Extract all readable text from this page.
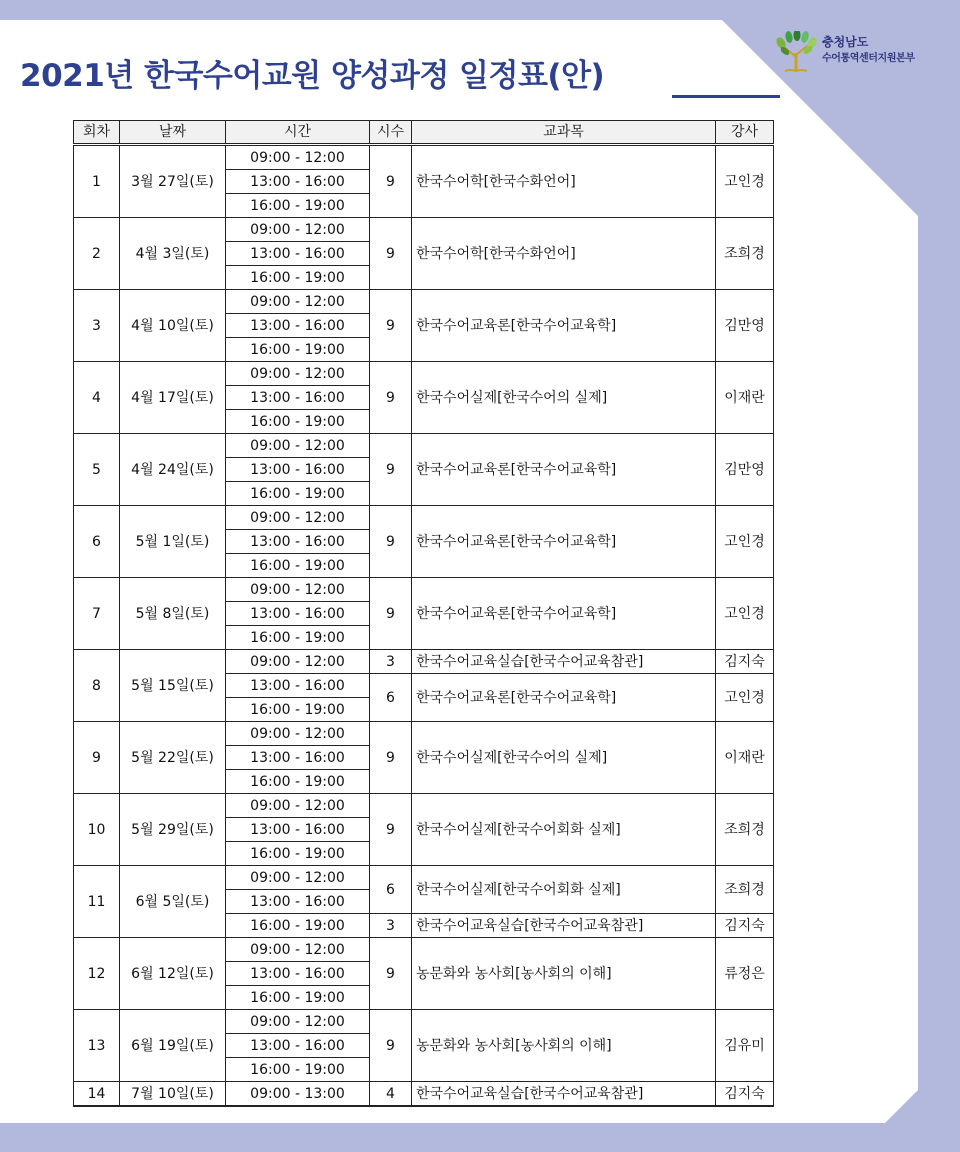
2021년 한국수어교원 양성과정 일정표(안)
충청남도
수어통역센터지원본부
회차	날짜	시간	시수	교과목	강사
1	3월 27일(토)	09:00 - 12:00	9	한국수어학[한국수화언어]	고인경
		13:00 - 16:00			
		16:00 - 19:00			
2	4월 3일(토)	09:00 - 12:00	9	한국수어학[한국수화언어]	조희경
		13:00 - 16:00			
		16:00 - 19:00			
3	4월 10일(토)	09:00 - 12:00	9	한국수어교육론[한국수어교육학]	김만영
		13:00 - 16:00			
		16:00 - 19:00			
4	4월 17일(토)	09:00 - 12:00	9	한국수어실제[한국수어의 실제]	이재란
		13:00 - 16:00			
		16:00 - 19:00			
5	4월 24일(토)	09:00 - 12:00	9	한국수어교육론[한국수어교육학]	김만영
		13:00 - 16:00			
		16:00 - 19:00			
6	5월 1일(토)	09:00 - 12:00	9	한국수어교육론[한국수어교육학]	고인경
		13:00 - 16:00			
		16:00 - 19:00			
7	5월 8일(토)	09:00 - 12:00	9	한국수어교육론[한국수어교육학]	고인경
		13:00 - 16:00			
		16:00 - 19:00			
8	5월 15일(토)	09:00 - 12:00	3	한국수어교육실습[한국수어교육참관]	김지숙
		13:00 - 16:00	6	한국수어교육론[한국수어교육학]	고인경
		16:00 - 19:00			
9	5월 22일(토)	09:00 - 12:00	9	한국수어실제[한국수어의 실제]	이재란
		13:00 - 16:00			
		16:00 - 19:00			
10	5월 29일(토)	09:00 - 12:00	9	한국수어실제[한국수어회화 실제]	조희경
		13:00 - 16:00			
		16:00 - 19:00			
11	6월 5일(토)	09:00 - 12:00	6	한국수어실제[한국수어회화 실제]	조희경
		13:00 - 16:00			
		16:00 - 19:00	3	한국수어교육실습[한국수어교육참관]	김지숙
12	6월 12일(토)	09:00 - 12:00	9	농문화와 농사회[농사회의 이해]	류정은
		13:00 - 16:00			
		16:00 - 19:00			
13	6월 19일(토)	09:00 - 12:00	9	농문화와 농사회[농사회의 이해]	김유미
		13:00 - 16:00			
		16:00 - 19:00			
14	7월 10일(토)	09:00 - 13:00	4	한국수어교육실습[한국수어교육참관]	김지숙
